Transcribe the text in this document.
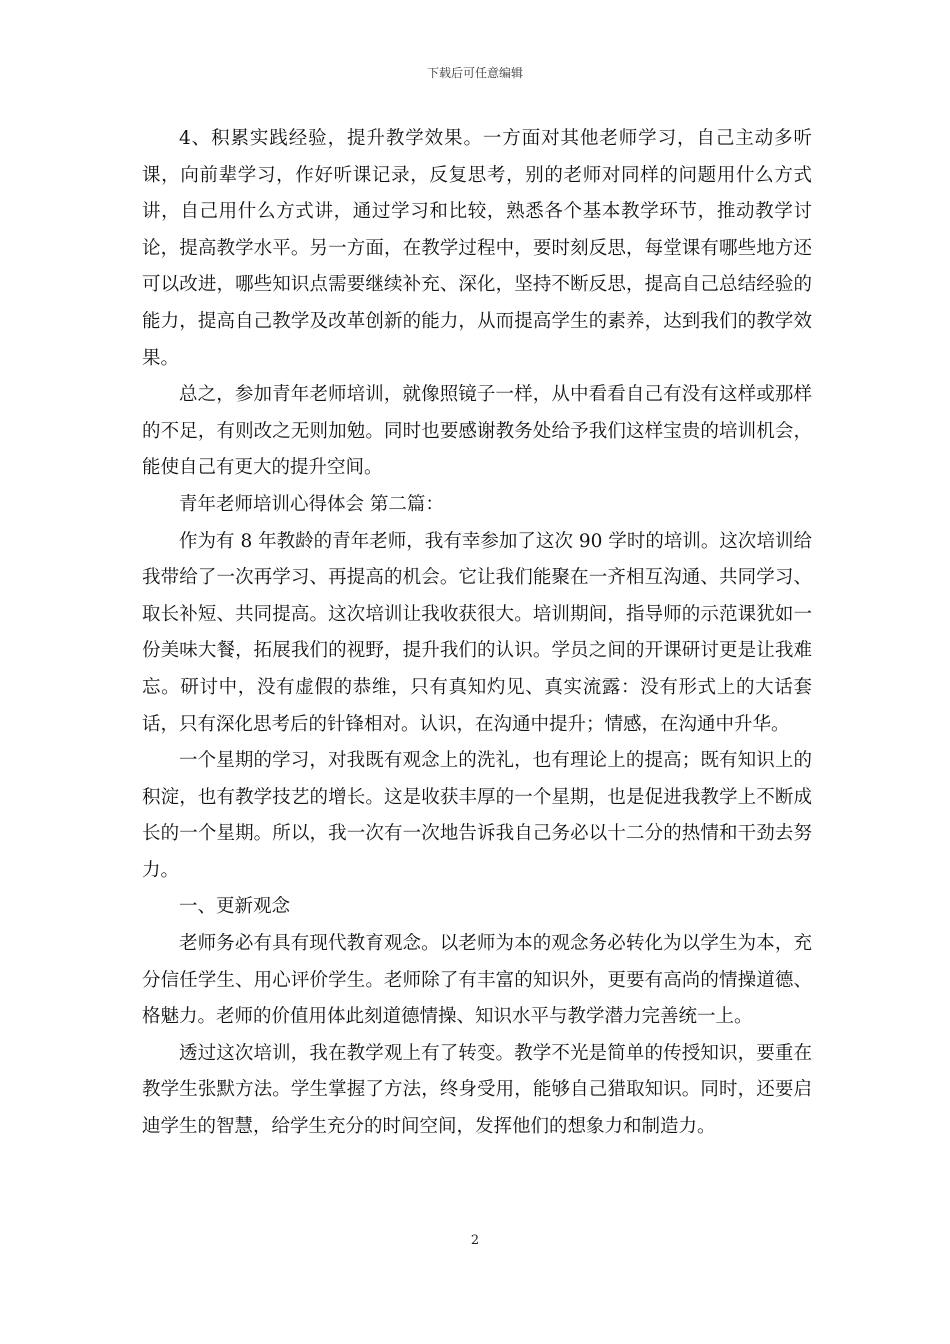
下载后可任意编辑

4、积累实践经验，提升教学效果。一方面对其他老师学习，自己主动多听课，向前辈学习，作好听课记录，反复思考，别的老师对同样的问题用什么方式讲，自己用什么方式讲，通过学习和比较，熟悉各个基本教学环节，推动教学讨论，提高教学水平。另一方面，在教学过程中，要时刻反思，每堂课有哪些地方还可以改进，哪些知识点需要继续补充、深化，坚持不断反思，提高自己总结经验的能力，提高自己教学及改革创新的能力，从而提高学生的素养，达到我们的教学效果。

总之，参加青年老师培训，就像照镜子一样，从中看看自己有没有这样或那样的不足，有则改之无则加勉。同时也要感谢教务处给予我们这样宝贵的培训机会，能使自己有更大的提升空间。

青年老师培训心得体会 第二篇：

作为有 8 年教龄的青年老师，我有幸参加了这次 90 学时的培训。这次培训给我带给了一次再学习、再提高的机会。它让我们能聚在一齐相互沟通、共同学习、取长补短、共同提高。这次培训让我收获很大。培训期间，指导师的示范课犹如一份美味大餐，拓展我们的视野，提升我们的认识。学员之间的开课研讨更是让我难忘。研讨中，没有虚假的恭维，只有真知灼见、真实流露：没有形式上的大话套话，只有深化思考后的针锋相对。认识，在沟通中提升；情感，在沟通中升华。

一个星期的学习，对我既有观念上的洗礼，也有理论上的提高；既有知识上的积淀，也有教学技艺的增长。这是收获丰厚的一个星期，也是促进我教学上不断成长的一个星期。所以，我一次有一次地告诉我自己务必以十二分的热情和干劲去努力。

一、更新观念

老师务必有具有现代教育观念。以老师为本的观念务必转化为以学生为本，充分信任学生、用心评价学生。老师除了有丰富的知识外，更要有高尚的情操道德、格魅力。老师的价值用体此刻道德情操、知识水平与教学潜力完善统一上。

透过这次培训，我在教学观上有了转变。教学不光是简单的传授知识，要重在教学生张默方法。学生掌握了方法，终身受用，能够自己猎取知识。同时，还要启迪学生的智慧，给学生充分的时间空间，发挥他们的想象力和制造力。

2
